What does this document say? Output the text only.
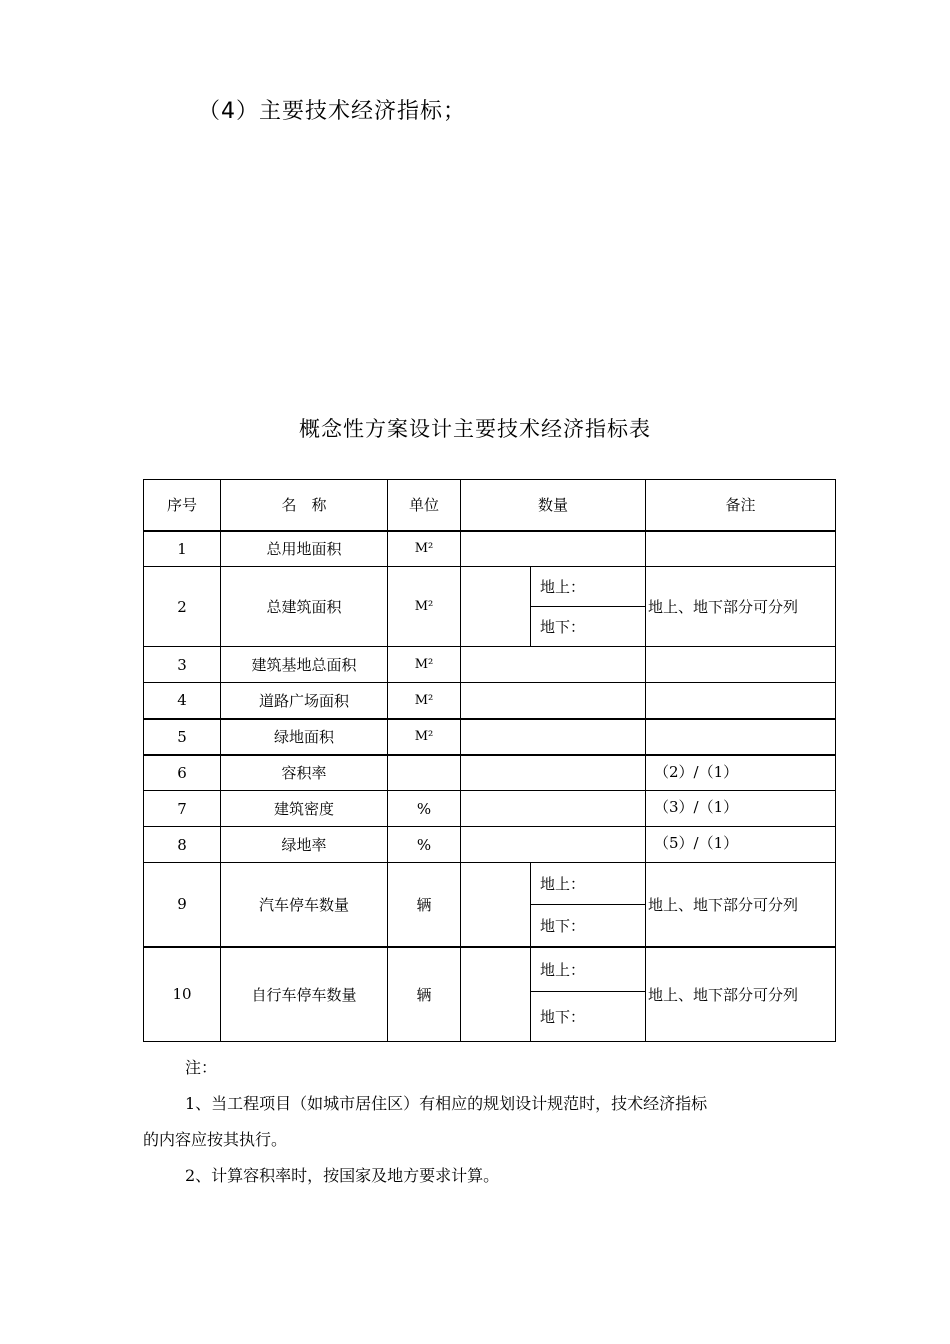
（4）主要技术经济指标；
概念性方案设计主要技术经济指标表
序号	名　称	单位	数量		备注
1	总用地面积	M²			
2	总建筑面积	M²		地上：	地上、地下部分可分列
				地下：	
3	建筑基地总面积	M²			
4	道路广场面积	M²			
5	绿地面积	M²			
6	容积率				（2）/（1）
7	建筑密度	%			（3）/（1）
8	绿地率	%			（5）/（1）
9	汽车停车数量	辆		地上：	地上、地下部分可分列
				地下：	
10	自行车停车数量	辆		地上：	地上、地下部分可分列
				地下：	
注：
1、当工程项目（如城市居住区）有相应的规划设计规范时，技术经济指标
的内容应按其执行。
2、计算容积率时，按国家及地方要求计算。
